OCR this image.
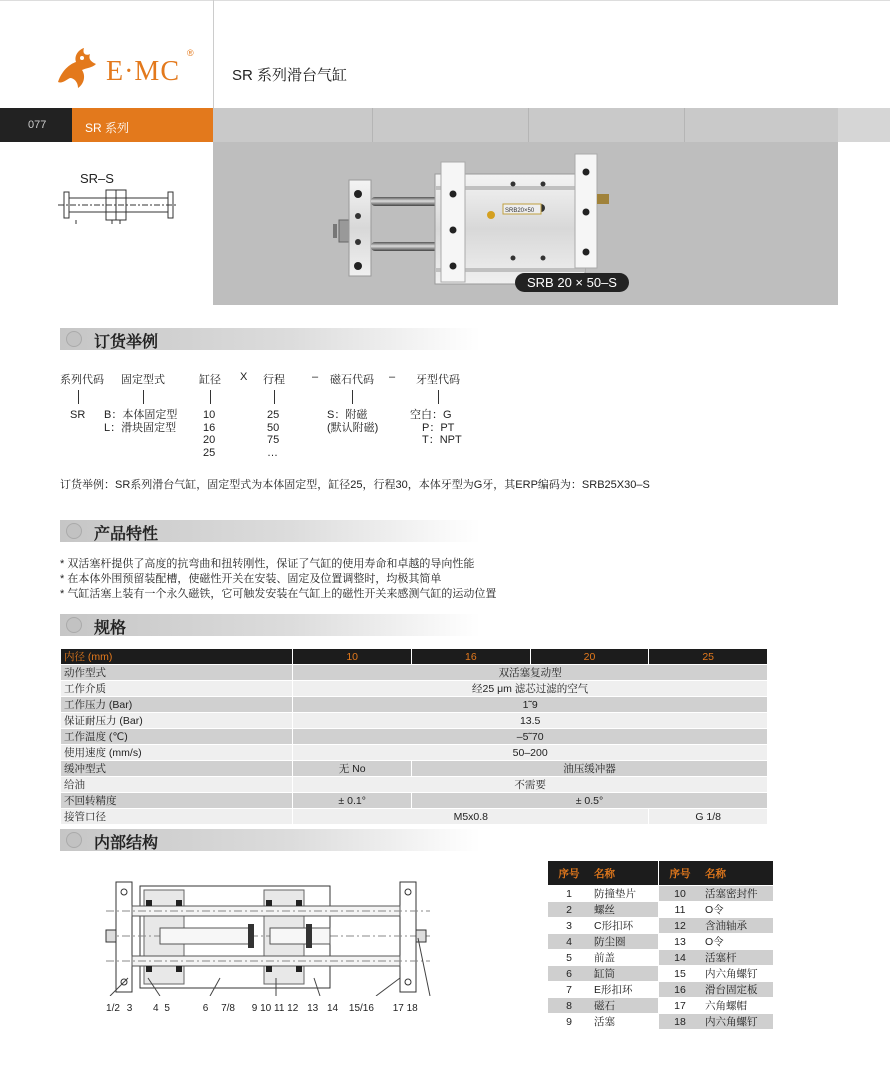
E·MC
®
SR 系列滑台气缸
077	SR 系列
SR–S
SRB20×50
SRB 20 × 50–S
订货举例
系列代码 固定型式	缸径 X 行程 – 磁石代码 – 牙型代码
SR B：本体固定型
L：滑块固定型
10
16
20
25
25
50
75
…
S：附磁
(默认附磁)
空白：G
P：PT
T：NPT
订货举例：SR系列滑台气缸，固定型式为本体固定型，缸径25，行程30，本体牙型为G牙，其ERP编码为：SRB25X30–S
产品特性
* 双活塞杆提供了高度的抗弯曲和扭转刚性，保证了气缸的使用寿命和卓越的导向性能
* 在本体外围预留装配槽，使磁性开关在安装、固定及位置调整时，均极其简单
* 气缸活塞上装有一个永久磁铁，它可触发安装在气缸上的磁性开关来感测气缸的运动位置
规格
内径 (mm)	10	16	20	25
动作型式	双活塞复动型			
工作介质	经25 μm 滤芯过滤的空气			
工作压力 (Bar)	1˜9			
保证耐压力 (Bar)	13.5			
工作温度 (℃)	–5˜70			
使用速度 (mm/s)	50–200			
缓冲型式	无 No	油压缓冲器		
给油	不需要			
不回转精度	± 0.1°	± 0.5°		
接管口径	M5x0.8			G 1/8
内部结构
1/2 3 4 5	6 7/8 9 10 11 12 13 14 15/16 17 18
序号	名称
1	防撞垫片
2	螺丝
3	C形扣环
4	防尘圈
5	前盖
6	缸筒
7	E形扣环
8	磁石
9	活塞
序号	名称
10	活塞密封件
11	O令
12	含油轴承
13	O令
14	活塞杆
15	内六角螺钉
16	滑台固定板
17	六角螺帽
18	内六角螺钉
